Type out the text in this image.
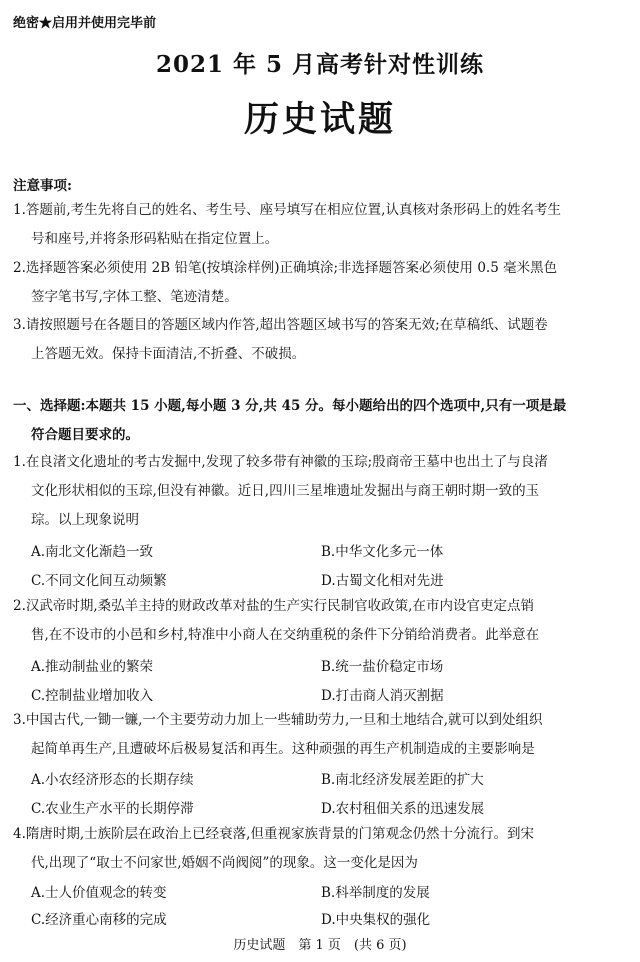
绝密★启用并使用完毕前
2021 年 5 月高考针对性训练
历史试题
注意事项:
1.答题前,考生先将自己的姓名、考生号、座号填写在相应位置,认真核对条形码上的姓名考生
号和座号,并将条形码粘贴在指定位置上。
2.选择题答案必须使用 2B 铅笔(按填涂样例)正确填涂;非选择题答案必须使用 0.5 毫米黑色
签字笔书写,字体工整、笔迹清楚。
3.请按照题号在各题目的答题区域内作答,超出答题区域书写的答案无效;在草稿纸、试题卷
上答题无效。保持卡面清洁,不折叠、不破损。
一、选择题:本题共 15 小题,每小题 3 分,共 45 分。每小题给出的四个选项中,只有一项是最
符合题目要求的。
1.在良渚文化遗址的考古发掘中,发现了较多带有神徽的玉琮;殷商帝王墓中也出土了与良渚
文化形状相似的玉琮,但没有神徽。近日,四川三星堆遗址发掘出与商王朝时期一致的玉
琮。以上现象说明
A.南北文化渐趋一致	B.中华文化多元一体
C.不同文化间互动频繁	D.古蜀文化相对先进
2.汉武帝时期,桑弘羊主持的财政改革对盐的生产实行民制官收政策,在市内设官吏定点销
售,在不设市的小邑和乡村,特准中小商人在交纳重税的条件下分销给消费者。此举意在
A.推动制盐业的繁荣	B.统一盐价稳定市场
C.控制盐业增加收入	D.打击商人消灭割据
3.中国古代,一锄一镰,一个主要劳动力加上一些辅助劳力,一旦和土地结合,就可以到处组织
起简单再生产,且遭破坏后极易复活和再生。这种顽强的再生产机制造成的主要影响是
A.小农经济形态的长期存续	B.南北经济发展差距的扩大
C.农业生产水平的长期停滞	D.农村租佃关系的迅速发展
4.隋唐时期,士族阶层在政治上已经衰落,但重视家族背景的门第观念仍然十分流行。到宋
代,出现了“取士不问家世,婚姻不尚阀阅”的现象。这一变化是因为
A.士人价值观念的转变	B.科举制度的发展
C.经济重心南移的完成	D.中央集权的强化
历史试题　第 1 页　(共 6 页)
